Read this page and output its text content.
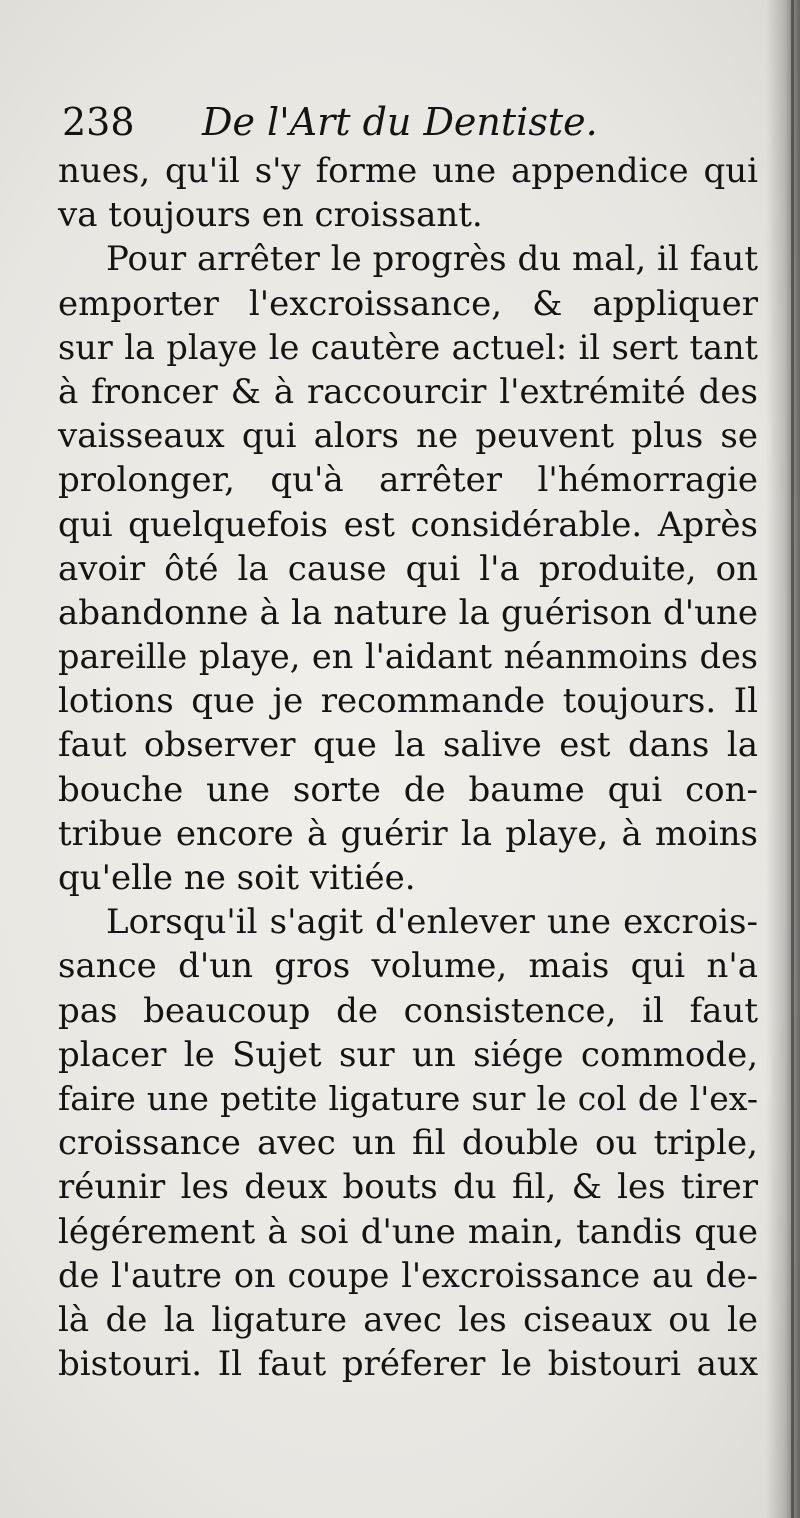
238 De l'Art du Dentiste.
nues, qu'il s'y forme une appendice qui
va toujours en croissant.
Pour arrêter le progrès du mal, il faut
emporter l'excroissance, & appliquer
sur la playe le cautère actuel: il sert tant
à froncer & à raccourcir l'extrémité des
vaisseaux qui alors ne peuvent plus se
prolonger, qu'à arrêter l'hémorragie
qui quelquefois est considérable. Après
avoir ôté la cause qui l'a produite, on
abandonne à la nature la guérison d'une
pareille playe, en l'aidant néanmoins des
lotions que je recommande toujours. Il
faut observer que la salive est dans la
bouche une sorte de baume qui con-
tribue encore à guérir la playe, à moins
qu'elle ne soit vitiée.
Lorsqu'il s'agit d'enlever une excrois-
sance d'un gros volume, mais qui n'a
pas beaucoup de consistence, il faut
placer le Sujet sur un siége commode,
faire une petite ligature sur le col de l'ex-
croissance avec un fil double ou triple,
réunir les deux bouts du fil, & les tirer
légérement à soi d'une main, tandis que
de l'autre on coupe l'excroissance au de-
là de la ligature avec les ciseaux ou le
bistouri. Il faut préferer le bistouri aux
